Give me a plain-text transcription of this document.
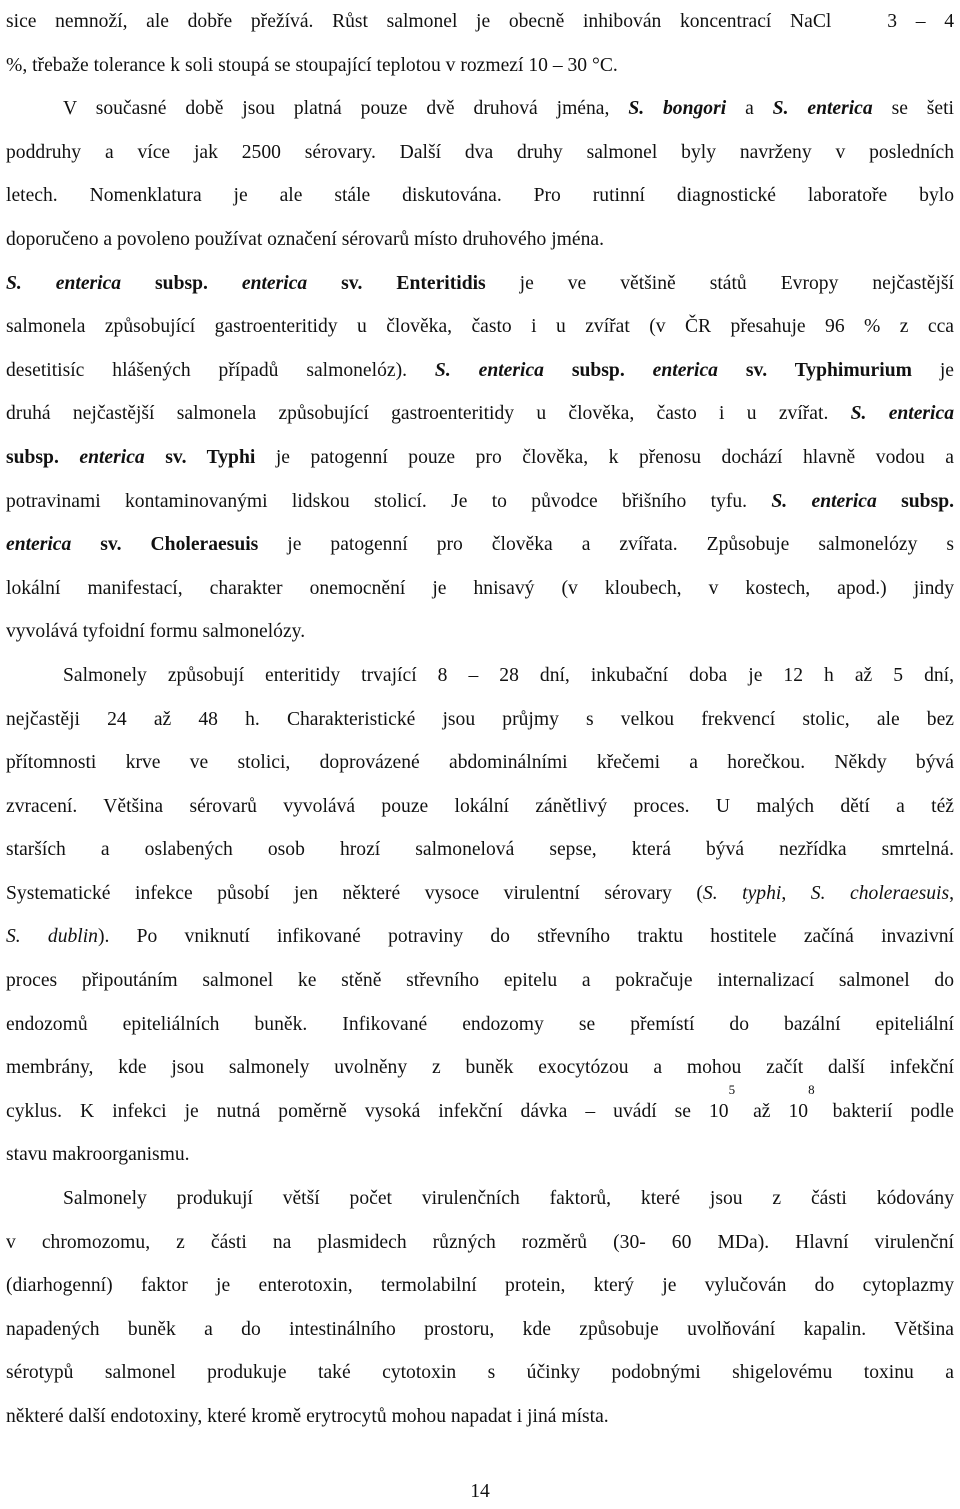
sice nemnoží, ale dobře přežívá. Růst salmonel je obecně inhibován koncentrací NaCl   3 – 4
%, třebaže tolerance k soli stoupá se stoupající teplotou v rozmezí 10 – 30 °C.
V současné době jsou platná pouze dvě druhová jména, S. bongori a S. enterica se šeti
poddruhy a více jak 2500 sérovary. Další dva druhy salmonel byly navrženy v posledních
letech. Nomenklatura je ale stále diskutována. Pro rutinní diagnostické laboratoře bylo
doporučeno a povoleno používat označení sérovarů místo druhového jména.
S. enterica subsp. enterica sv. Enteritidis je ve většině států Evropy nejčastější
salmonela způsobující gastroenteritidy u člověka, často i u zvířat (v ČR přesahuje 96 % z cca
desetitisíc hlášených případů salmonelóz). S. enterica subsp. enterica sv. Typhimurium je
druhá nejčastější salmonela způsobující gastroenteritidy u člověka, často i u zvířat. S. enterica
subsp. enterica sv. Typhi je patogenní pouze pro člověka, k přenosu dochází hlavně vodou a
potravinami kontaminovanými lidskou stolicí. Je to původce břišního tyfu. S. enterica subsp.
enterica sv. Choleraesuis je patogenní pro člověka a zvířata. Způsobuje salmonelózy s
lokální manifestací, charakter onemocnění je hnisavý (v kloubech, v kostech, apod.) jindy
vyvolává tyfoidní formu salmonelózy.
Salmonely způsobují enteritidy trvající 8 – 28 dní, inkubační doba je 12 h až 5 dní,
nejčastěji 24 až 48 h. Charakteristické jsou průjmy s velkou frekvencí stolic, ale bez
přítomnosti krve ve stolici, doprovázené abdominálními křečemi a horečkou. Někdy bývá
zvracení. Většina sérovarů vyvolává pouze lokální zánětlivý proces. U malých dětí a též
starších a oslabených osob hrozí salmonelová sepse, která bývá nezřídka smrtelná.
Systematické infekce působí jen některé vysoce virulentní sérovary ( S. typhi , S. choleraesuis ,
S. dublin ). Po vniknutí infikované potraviny do střevního traktu hostitele začíná invazivní
proces připoutáním salmonel ke stěně střevního epitelu a pokračuje internalizací salmonel do
endozomů epiteliálních buněk. Infikované endozomy se přemístí do bazální epiteliální
membrány, kde jsou salmonely uvolněny z buněk exocytózou a mohou začít další infekční
cyklus. K infekci je nutná poměrně vysoká infekční dávka – uvádí se 10
5
až 10
8
bakterií podle
stavu makroorganismu.
Salmonely produkují větší počet virulenčních faktorů, které jsou z části kódovány
v chromozomu, z části na plasmidech různých rozměrů (30- 60 MDa). Hlavní virulenční
(diarhogenní) faktor je enterotoxin, termolabilní protein, který je vylučován do cytoplazmy
napadených buněk a do intestinálního prostoru, kde způsobuje uvolňování kapalin. Většina
sérotypů salmonel produkuje také cytotoxin s účinky podobnými shigelovému toxinu a
některé další endotoxiny, které kromě erytrocytů mohou napadat i jiná místa.
14
